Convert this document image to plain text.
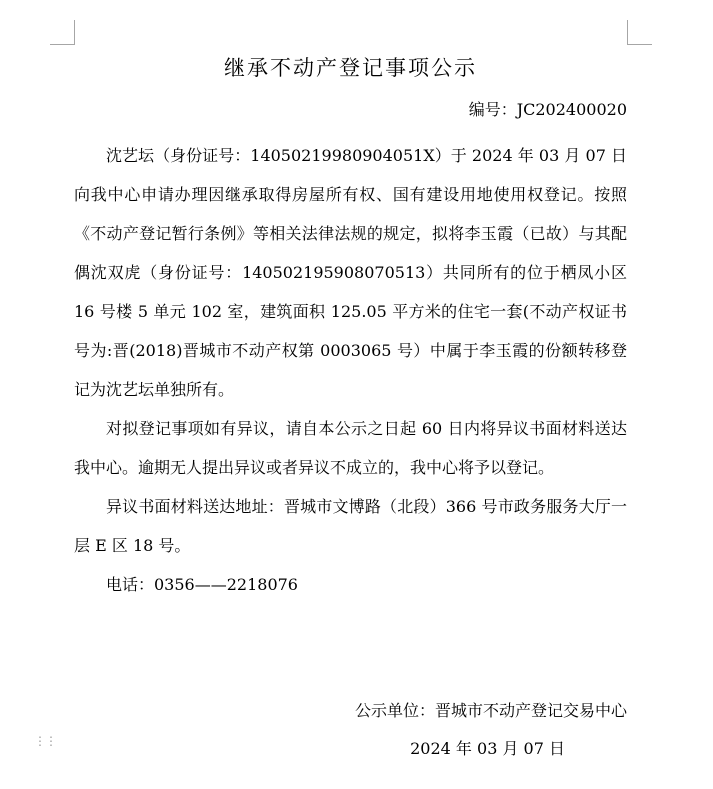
继承不动产登记事项公示
编号：JC202400020

沈艺坛（身份证号：14050219980904051X）于 2024 年 03 月 07 日向我中心申请办理因继承取得房屋所有权、国有建设用地使用权登记。按照《不动产登记暂行条例》等相关法律法规的规定，拟将李玉霞（已故）与其配偶沈双虎（身份证号：140502195908070513）共同所有的位于栖凤小区 16 号楼 5 单元 102 室，建筑面积 125.05 平方米的住宅一套(不动产权证书号为:晋(2018)晋城市不动产权第 0003065 号）中属于李玉霞的份额转移登记为沈艺坛单独所有。

对拟登记事项如有异议，请自本公示之日起 60 日内将异议书面材料送达我中心。逾期无人提出异议或者异议不成立的，我中心将予以登记。

异议书面材料送达地址：晋城市文博路（北段）366 号市政务服务大厅一层 E 区 18 号。

电话：0356——2218076

公示单位：晋城市不动产登记交易中心
2024 年 03 月 07 日
⋮⋮
